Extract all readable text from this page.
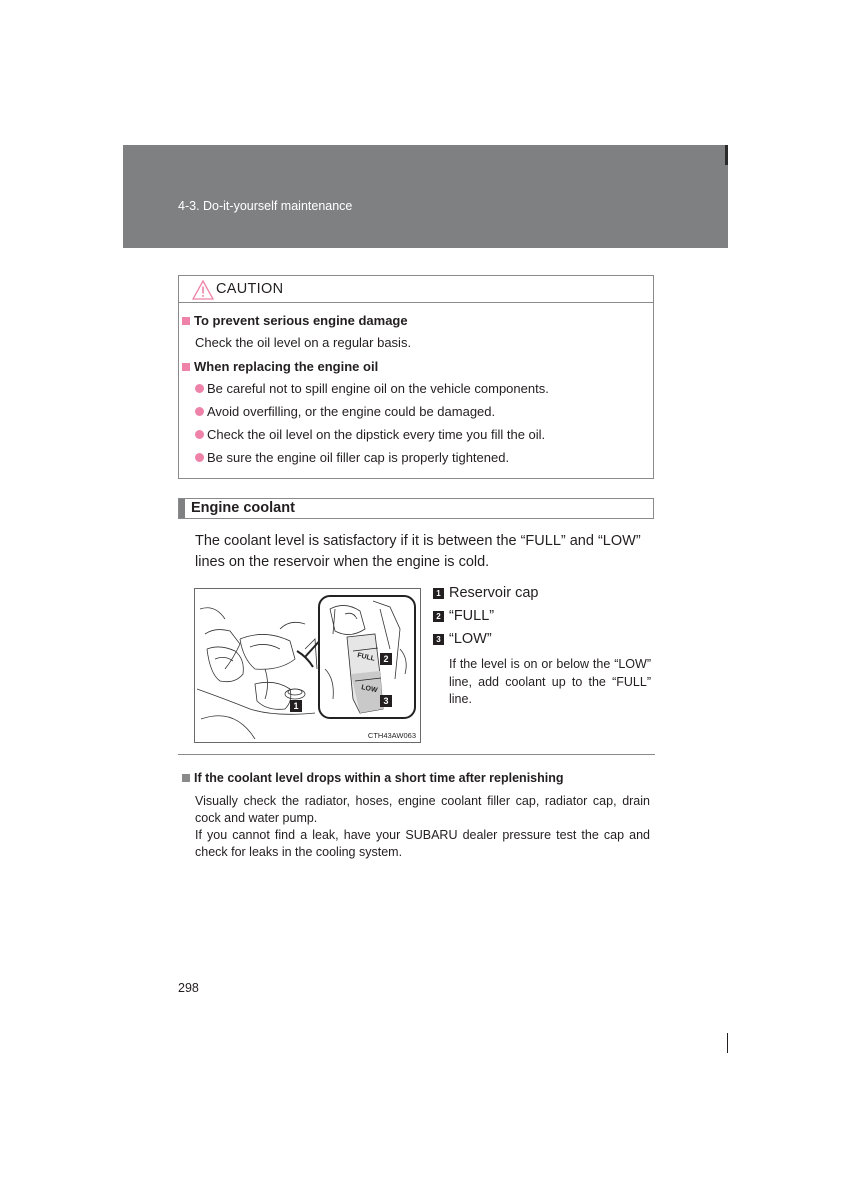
4-3. Do-it-yourself maintenance
CAUTION
To prevent serious engine damage
Check the oil level on a regular basis.
When replacing the engine oil
Be careful not to spill engine oil on the vehicle components.
Avoid overfilling, or the engine could be damaged.
Check the oil level on the dipstick every time you fill the oil.
Be sure the engine oil filler cap is properly tightened.
Engine coolant
The coolant level is satisfactory if it is between the “FULL” and “LOW” lines on the reservoir when the engine is cold.
FULL
LOW
1
2
3
CTH43AW063
1 Reservoir cap
2 “FULL”
3 “LOW”
If the level is on or below the “LOW” line, add coolant up to the “FULL” line.
If the coolant level drops within a short time after replenishing
Visually check the radiator, hoses, engine coolant filler cap, radiator cap, drain cock and water pump.
If you cannot find a leak, have your SUBARU dealer pressure test the cap and check for leaks in the cooling system.
298
